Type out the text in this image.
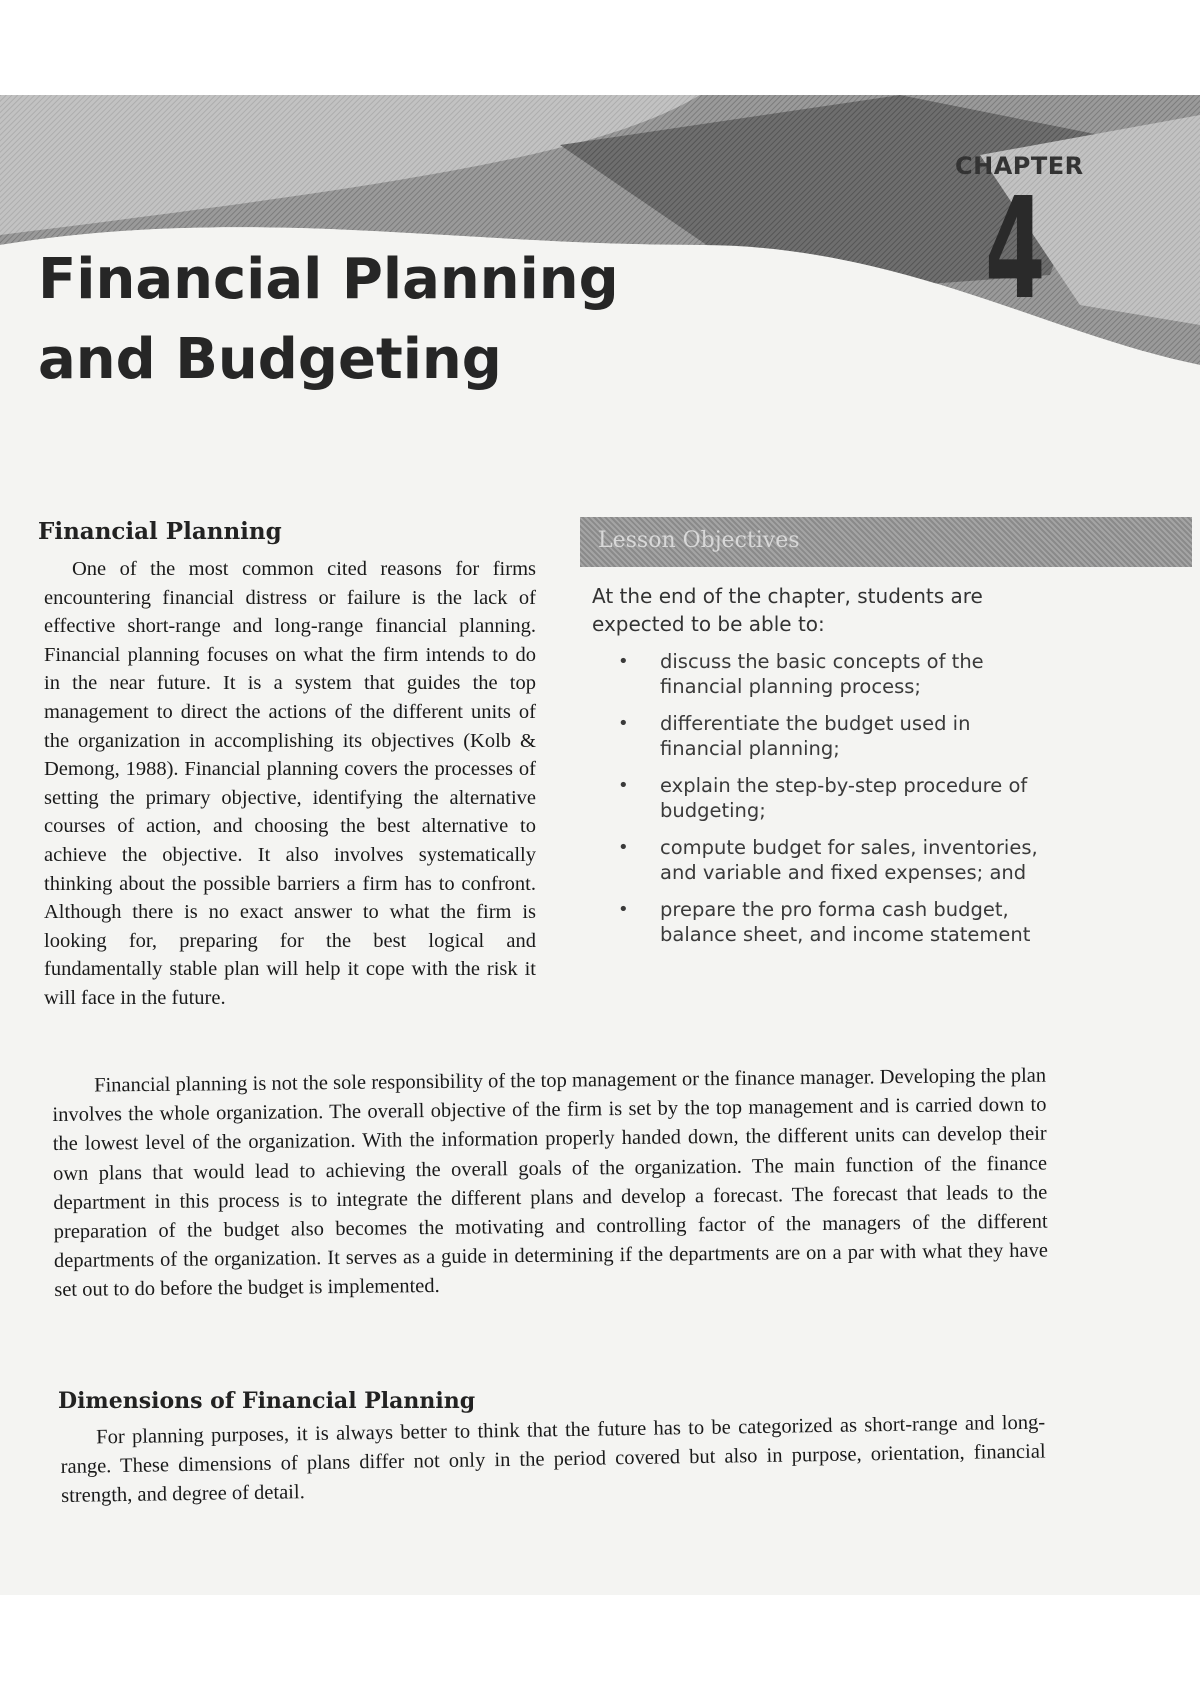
CHAPTER
4
Financial Planning
and Budgeting
Financial Planning

One of the most common cited reasons for firms encountering financial distress or failure is the lack of effective short-range and long-range financial planning. Financial planning focuses on what the firm intends to do in the near future. It is a system that guides the top management to direct the actions of the different units of the organization in accomplishing its objectives (Kolb & Demong, 1988). Financial planning covers the processes of setting the primary objective, identifying the alternative courses of action, and choosing the best alternative to achieve the objective. It also involves systematically thinking about the possible barriers a firm has to confront. Although there is no exact answer to what the firm is looking for, preparing for the best logical and fundamentally stable plan will help it cope with the risk it will face in the future.

Lesson Objectives

At the end of the chapter, students are expected to be able to:

• discuss the basic concepts of the financial planning process;
• differentiate the budget used in financial planning;
• explain the step-by-step procedure of budgeting;
• compute budget for sales, inventories, and variable and fixed expenses; and
• prepare the pro forma cash budget, balance sheet, and income statement

Financial planning is not the sole responsibility of the top management or the finance manager. Developing the plan involves the whole organization. The overall objective of the firm is set by the top management and is carried down to the lowest level of the organization. With the information properly handed down, the different units can develop their own plans that would lead to achieving the overall goals of the organization. The main function of the finance department in this process is to integrate the different plans and develop a forecast. The forecast that leads to the preparation of the budget also becomes the motivating and controlling factor of the managers of the different departments of the organization. It serves as a guide in determining if the departments are on a par with what they have set out to do before the budget is implemented.

Dimensions of Financial Planning

For planning purposes, it is always better to think that the future has to be categorized as short-range and long-range. These dimensions of plans differ not only in the period covered but also in purpose, orientation, financial strength, and degree of detail.
